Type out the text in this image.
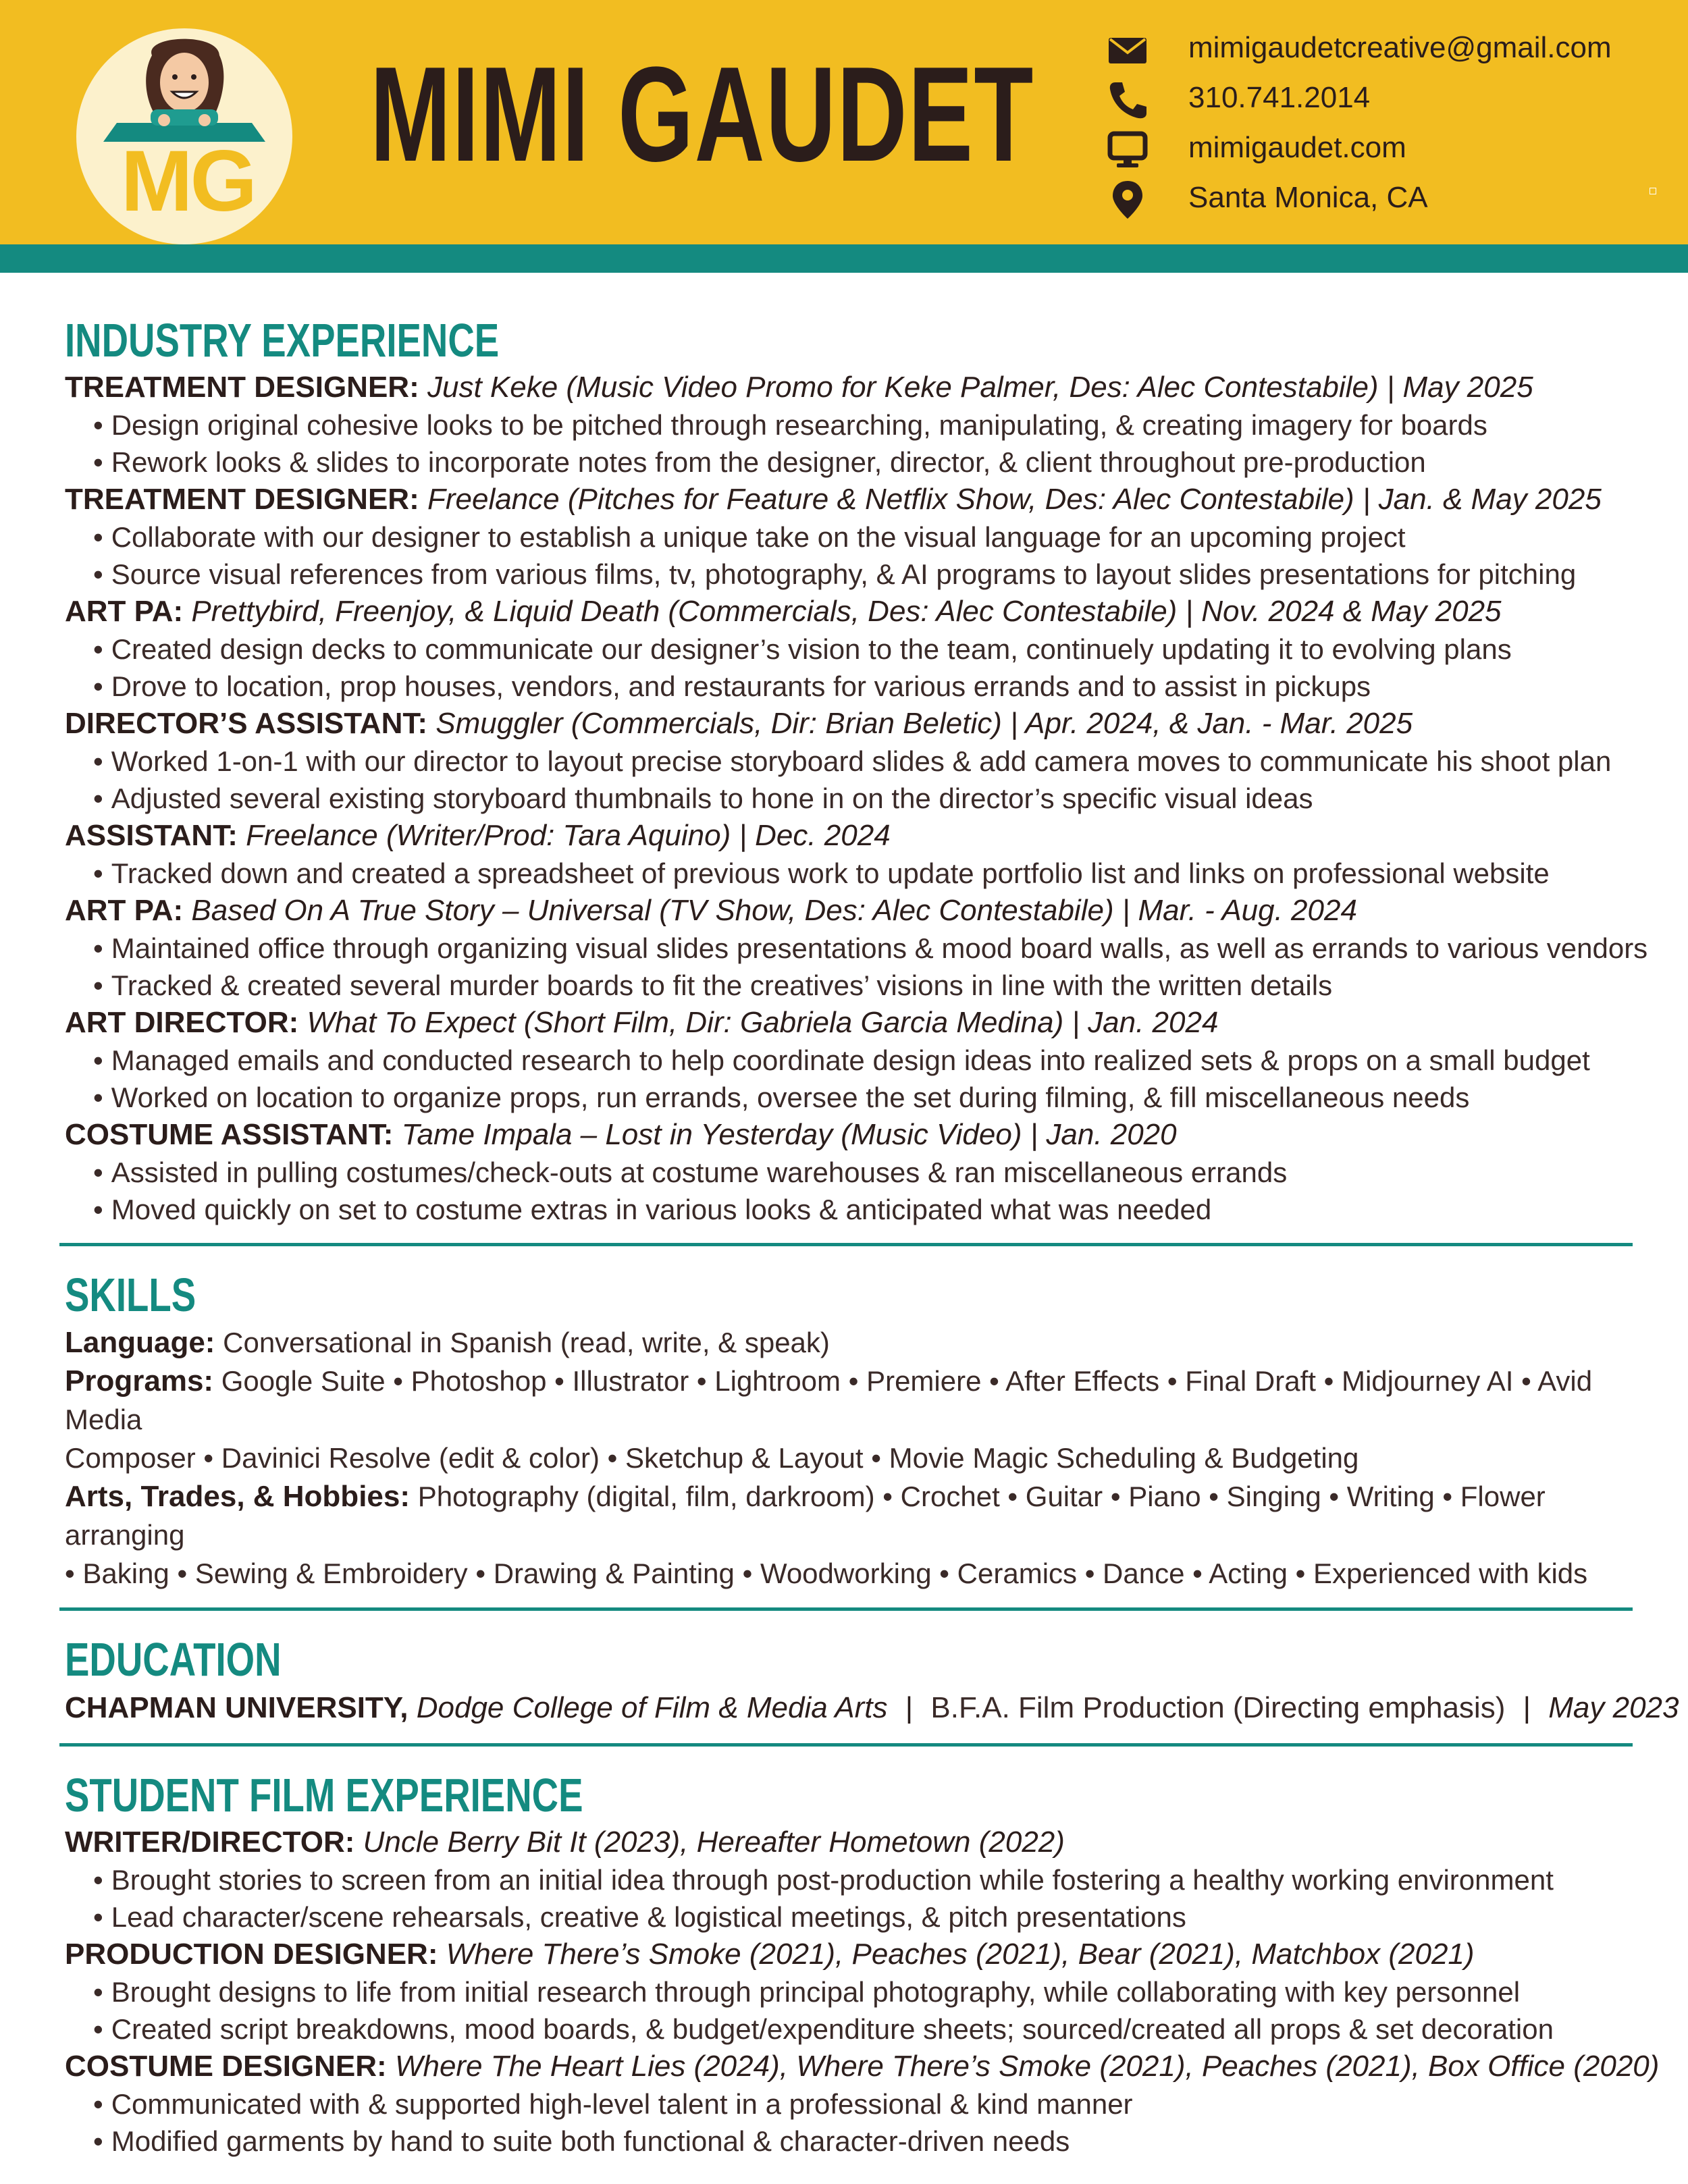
MG MIMI GAUDET	mimigaudetcreative@gmail.com
310.741.2014
mimigaudet.com
Santa Monica, CA
INDUSTRY EXPERIENCE
TREATMENT DESIGNER: Just Keke (Music Video Promo for Keke Palmer, Des: Alec Contestabile) | May 2025
• Design original cohesive looks to be pitched through researching, manipulating, & creating imagery for boards
• Rework looks & slides to incorporate notes from the designer, director, & client throughout pre-production
TREATMENT DESIGNER: Freelance (Pitches for Feature & Netflix Show, Des: Alec Contestabile) | Jan. & May 2025
• Collaborate with our designer to establish a unique take on the visual language for an upcoming project
• Source visual references from various films, tv, photography, & AI programs to layout slides presentations for pitching
ART PA: Prettybird, Freenjoy, & Liquid Death (Commercials, Des: Alec Contestabile) | Nov. 2024 & May 2025
• Created design decks to communicate our designer’s vision to the team, continuely updating it to evolving plans
• Drove to location, prop houses, vendors, and restaurants for various errands and to assist in pickups
DIRECTOR’S ASSISTANT: Smuggler (Commercials, Dir: Brian Beletic) | Apr. 2024, & Jan. - Mar. 2025
• Worked 1-on-1 with our director to layout precise storyboard slides & add camera moves to communicate his shoot plan
• Adjusted several existing storyboard thumbnails to hone in on the director’s specific visual ideas
ASSISTANT: Freelance (Writer/Prod: Tara Aquino) | Dec. 2024
• Tracked down and created a spreadsheet of previous work to update portfolio list and links on professional website
ART PA: Based On A True Story – Universal (TV Show, Des: Alec Contestabile) | Mar. - Aug. 2024
• Maintained office through organizing visual slides presentations & mood board walls, as well as errands to various vendors
• Tracked & created several murder boards to fit the creatives’ visions in line with the written details
ART DIRECTOR: What To Expect (Short Film, Dir: Gabriela Garcia Medina) | Jan. 2024
• Managed emails and conducted research to help coordinate design ideas into realized sets & props on a small budget
• Worked on location to organize props, run errands, oversee the set during filming, & fill miscellaneous needs
COSTUME ASSISTANT: Tame Impala – Lost in Yesterday (Music Video) | Jan. 2020
• Assisted in pulling costumes/check-outs at costume warehouses & ran miscellaneous errands
• Moved quickly on set to costume extras in various looks & anticipated what was needed
SKILLS
Language: Conversational in Spanish (read, write, & speak)
Programs: Google Suite • Photoshop • Illustrator • Lightroom • Premiere • After Effects • Final Draft • Midjourney AI • Avid Media
Composer • Davinici Resolve (edit & color) • Sketchup & Layout • Movie Magic Scheduling & Budgeting
Arts, Trades, & Hobbies: Photography (digital, film, darkroom) • Crochet • Guitar • Piano • Singing • Writing • Flower arranging
• Baking • Sewing & Embroidery • Drawing & Painting • Woodworking • Ceramics • Dance • Acting • Experienced with kids
EDUCATION
CHAPMAN UNIVERSITY, Dodge College of Film & Media Arts | B.F.A. Film Production (Directing emphasis) | May 2023
STUDENT FILM EXPERIENCE
WRITER/DIRECTOR: Uncle Berry Bit It (2023), Hereafter Hometown (2022)
• Brought stories to screen from an initial idea through post-production while fostering a healthy working environment
• Lead character/scene rehearsals, creative & logistical meetings, & pitch presentations
PRODUCTION DESIGNER: Where There’s Smoke (2021), Peaches (2021), Bear (2021), Matchbox (2021)
• Brought designs to life from initial research through principal photography, while collaborating with key personnel
• Created script breakdowns, mood boards, & budget/expenditure sheets; sourced/created all props & set decoration
COSTUME DESIGNER: Where The Heart Lies (2024), Where There’s Smoke (2021), Peaches (2021), Box Office (2020)
• Communicated with & supported high-level talent in a professional & kind manner
• Modified garments by hand to suite both functional & character-driven needs
